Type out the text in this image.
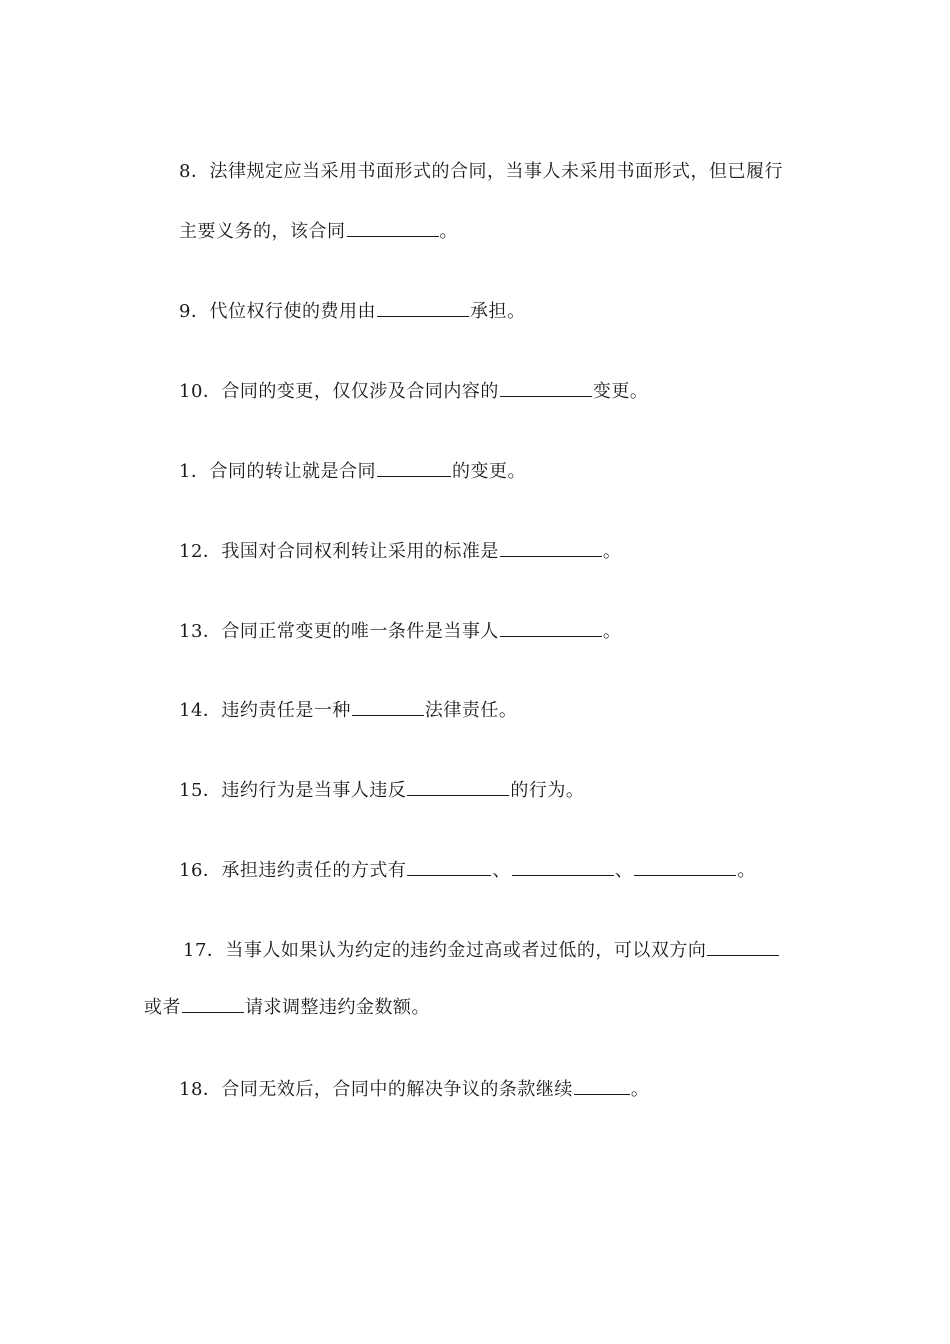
8．法律规定应当采用书面形式的合同，当事人未采用书面形式，但已履行
主要义务的，该合同	。
9．代位权行使的费用由	承担。
10．合同的变更，仅仅涉及合同内容的	变更。
1．合同的转让就是合同	的变更。
12．我国对合同权利转让采用的标准是	。
13．合同正常变更的唯一条件是当事人	。
14．违约责任是一种	法律责任。
15．违约行为是当事人违反	的行为。
16．承担违约责任的方式有	、	、	。
17．当事人如果认为约定的违约金过高或者过低的，可以双方向
或者	请求调整违约金数额。
18．合同无效后，合同中的解决争议的条款继续	。
